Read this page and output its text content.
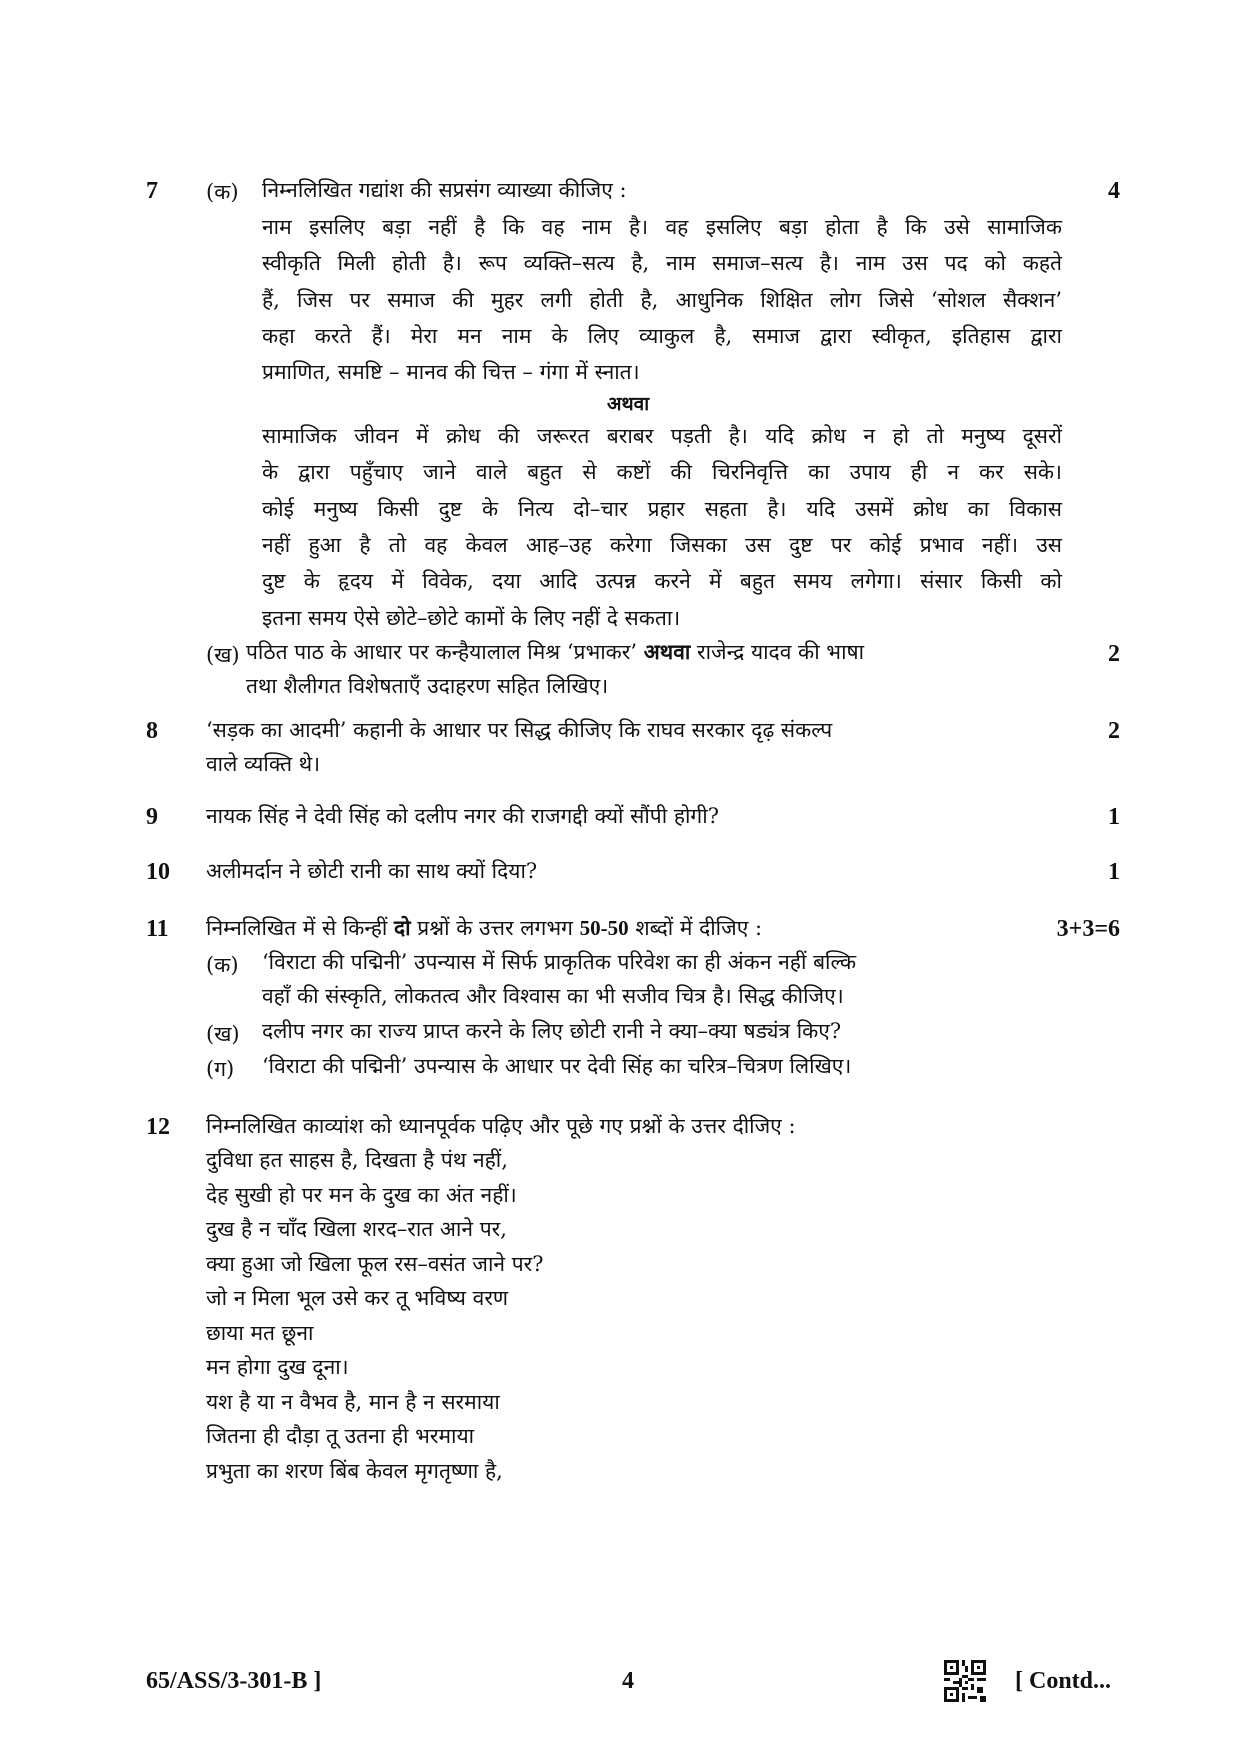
7 (क) निम्नलिखित गद्यांश की सप्रसंग व्याख्या कीजिए :	4
नाम इसलिए बड़ा नहीं है कि वह नाम है। वह इसलिए बड़ा होता है कि उसे सामाजिक
स्वीकृति मिली होती है। रूप व्यक्ति–सत्य है, नाम समाज–सत्य है। नाम उस पद को कहते
हैं, जिस पर समाज की मुहर लगी होती है, आधुनिक शिक्षित लोग जिसे ‘सोशल सैक्शन’
कहा करते हैं। मेरा मन नाम के लिए व्याकुल है, समाज द्वारा स्वीकृत, इतिहास द्वारा
प्रमाणित, समष्टि – मानव की चित्त – गंगा में स्नात।
अथवा
सामाजिक जीवन में क्रोध की जरूरत बराबर पड़ती है। यदि क्रोध न हो तो मनुष्य दूसरों
के द्वारा पहुँचाए जाने वाले बहुत से कष्टों की चिरनिवृत्ति का उपाय ही न कर सके।
कोई मनुष्य किसी दुष्ट के नित्य दो–चार प्रहार सहता है। यदि उसमें क्रोध का विकास
नहीं हुआ है तो वह केवल आह–उह करेगा जिसका उस दुष्ट पर कोई प्रभाव नहीं। उस
दुष्ट के हृदय में विवेक, दया आदि उत्पन्न करने में बहुत समय लगेगा। संसार किसी को
इतना समय ऐसे छोटे–छोटे कामों के लिए नहीं दे सकता।
(ख) पठित पाठ के आधार पर कन्हैयालाल मिश्र ‘प्रभाकर’ अथवा राजेन्द्र यादव की भाषा
तथा शैलीगत विशेषताएँ उदाहरण सहित लिखिए।
2
8 ‘सड़क का आदमी’ कहानी के आधार पर सिद्ध कीजिए कि राघव सरकार दृढ़ संकल्प
वाले व्यक्ति थे।
2
9 नायक सिंह ने देवी सिंह को दलीप नगर की राजगद्दी क्यों सौंपी होगी?	1
10 अलीमर्दान ने छोटी रानी का साथ क्यों दिया?	1
11 निम्नलिखित में से किन्हीं दो प्रश्नों के उत्तर लगभग 50-50 शब्दों में दीजिए :	3+3=6
(क) ‘विराटा की पद्मिनी’ उपन्यास में सिर्फ प्राकृतिक परिवेश का ही अंकन नहीं बल्कि
वहाँ की संस्कृति, लोकतत्व और विश्वास का भी सजीव चित्र है। सिद्ध कीजिए।
(ख) दलीप नगर का राज्य प्राप्त करने के लिए छोटी रानी ने क्या–क्या षड्यंत्र किए?
(ग) ‘विराटा की पद्मिनी’ उपन्यास के आधार पर देवी सिंह का चरित्र–चित्रण लिखिए।
12 निम्नलिखित काव्यांश को ध्यानपूर्वक पढ़िए और पूछे गए प्रश्नों के उत्तर दीजिए :
दुविधा हत साहस है, दिखता है पंथ नहीं,
देह सुखी हो पर मन के दुख का अंत नहीं।
दुख है न चाँद खिला शरद–रात आने पर,
क्या हुआ जो खिला फूल रस–वसंत जाने पर?
जो न मिला भूल उसे कर तू भविष्य वरण
छाया मत छूना
मन होगा दुख दूना।
यश है या न वैभव है, मान है न सरमाया
जितना ही दौड़ा तू उतना ही भरमाया
प्रभुता का शरण बिंब केवल मृगतृष्णा है,
65/ASS/3-301-B ]	4	[ Contd...
